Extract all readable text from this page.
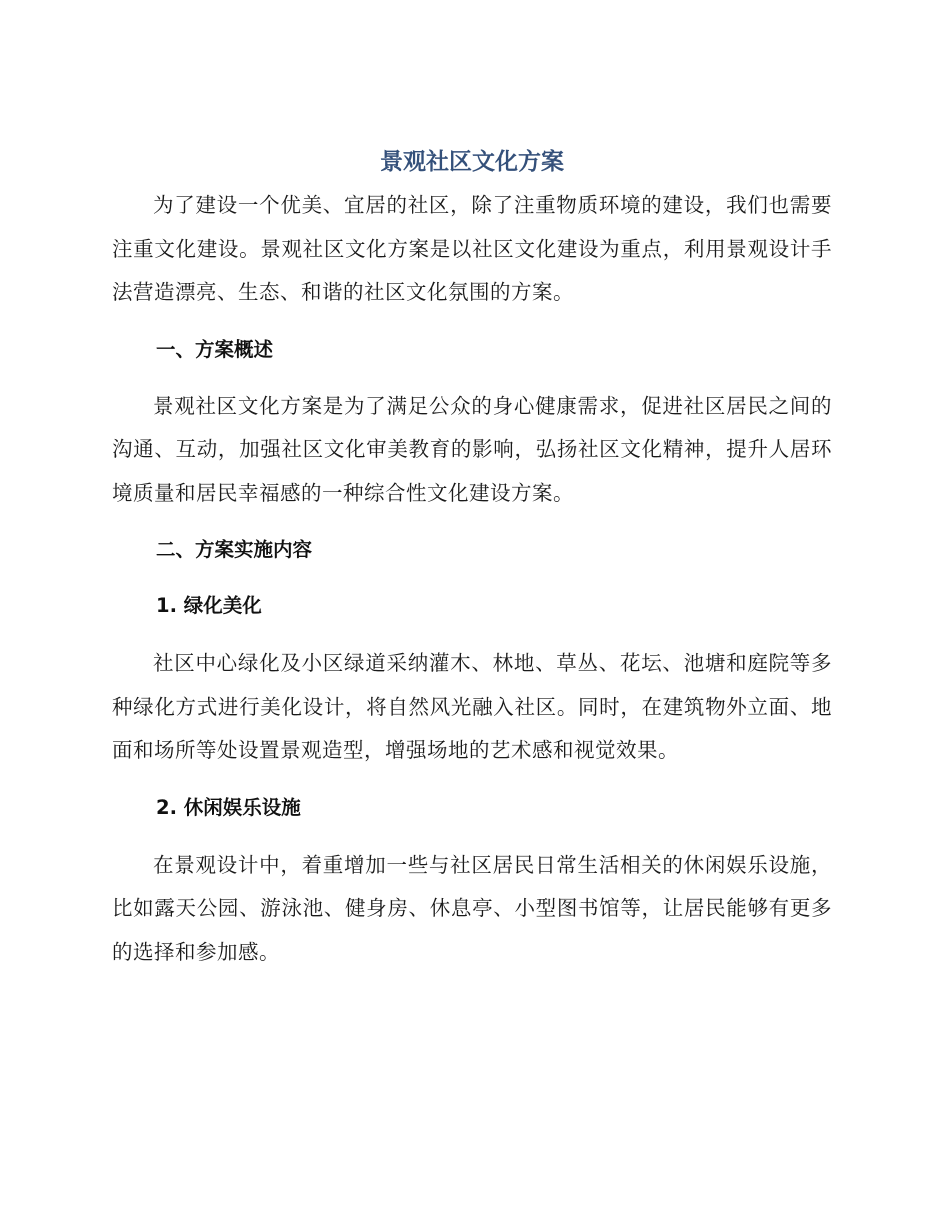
景观社区文化方案

为了建设一个优美、宜居的社区，除了注重物质环境的建设，我们也需要注重文化建设。景观社区文化方案是以社区文化建设为重点，利用景观设计手法营造漂亮、生态、和谐的社区文化氛围的方案。

一、方案概述

景观社区文化方案是为了满足公众的身心健康需求，促进社区居民之间的沟通、互动，加强社区文化审美教育的影响，弘扬社区文化精神，提升人居环境质量和居民幸福感的一种综合性文化建设方案。

二、方案实施内容
1. 绿化美化

社区中心绿化及小区绿道采纳灌木、林地、草丛、花坛、池塘和庭院等多种绿化方式进行美化设计，将自然风光融入社区。同时，在建筑物外立面、地面和场所等处设置景观造型，增强场地的艺术感和视觉效果。

2. 休闲娱乐设施

在景观设计中，着重增加一些与社区居民日常生活相关的休闲娱乐设施，比如露天公园、游泳池、健身房、休息亭、小型图书馆等，让居民能够有更多的选择和参加感。
